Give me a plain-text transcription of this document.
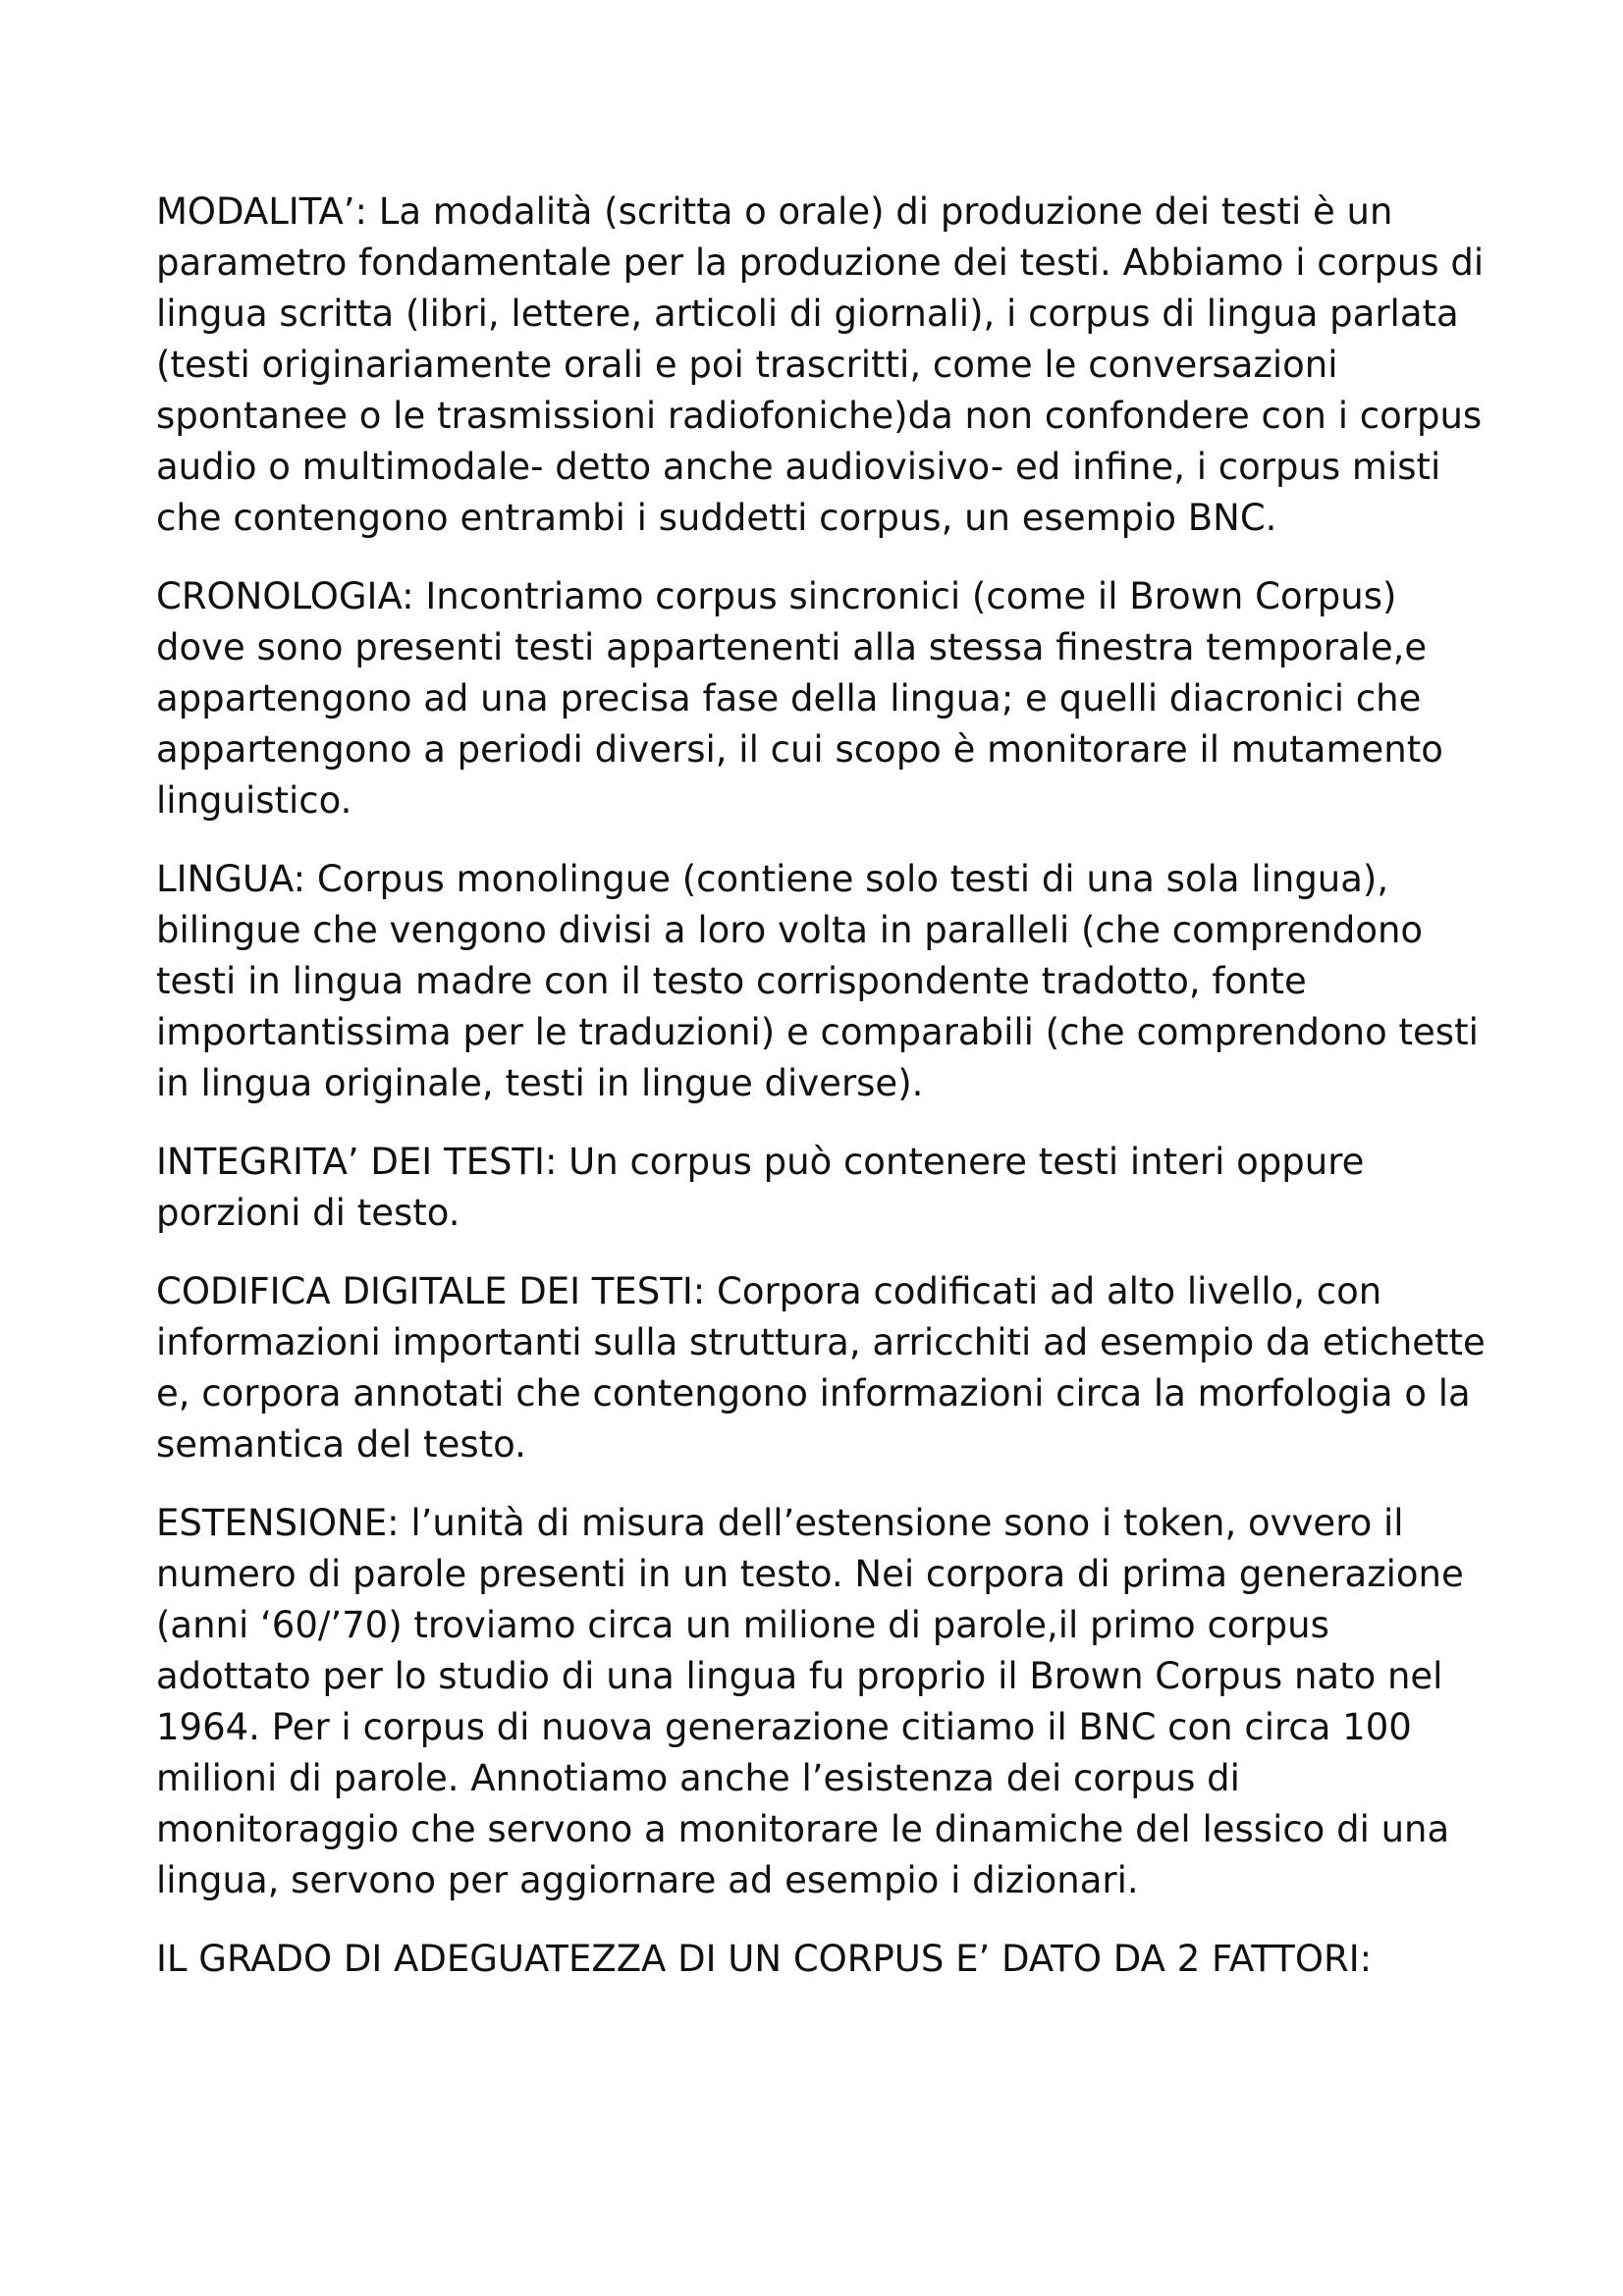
MODALITA’: La modalità (scritta o orale) di produzione dei testi è un parametro fondamentale per la produzione dei testi. Abbiamo i corpus di lingua scritta (libri, lettere, articoli di giornali), i corpus di lingua parlata (testi originariamente orali e poi trascritti, come le conversazioni spontanee o le trasmissioni radiofoniche)da non confondere con i corpus audio o multimodale- detto anche audiovisivo- ed infine, i corpus misti che contengono entrambi i suddetti corpus, un esempio BNC.

CRONOLOGIA: Incontriamo corpus sincronici (come il Brown Corpus) dove sono presenti testi appartenenti alla stessa finestra temporale,e appartengono ad una precisa fase della lingua; e quelli diacronici che appartengono a periodi diversi, il cui scopo è monitorare il mutamento linguistico.

LINGUA: Corpus monolingue (contiene solo testi di una sola lingua), bilingue che vengono divisi a loro volta in paralleli (che comprendono testi in lingua madre con il testo corrispondente tradotto, fonte importantissima per le traduzioni) e comparabili (che comprendono testi in lingua originale, testi in lingue diverse).

INTEGRITA’ DEI TESTI: Un corpus può contenere testi interi oppure porzioni di testo.

CODIFICA DIGITALE DEI TESTI: Corpora codificati ad alto livello, con informazioni importanti sulla struttura, arricchiti ad esempio da etichette e, corpora annotati che contengono informazioni circa la morfologia o la semantica del testo.

ESTENSIONE: l’unità di misura dell’estensione sono i token, ovvero il numero di parole presenti in un testo. Nei corpora di prima generazione (anni ‘60/’70) troviamo circa un milione di parole,il primo corpus adottato per lo studio di una lingua fu proprio il Brown Corpus nato nel 1964. Per i corpus di nuova generazione citiamo il BNC con circa 100 milioni di parole. Annotiamo anche l’esistenza dei corpus di monitoraggio che servono a monitorare le dinamiche del lessico di una lingua, servono per aggiornare ad esempio i dizionari.

IL GRADO DI ADEGUATEZZA DI UN CORPUS E’ DATO DA 2 FATTORI:
